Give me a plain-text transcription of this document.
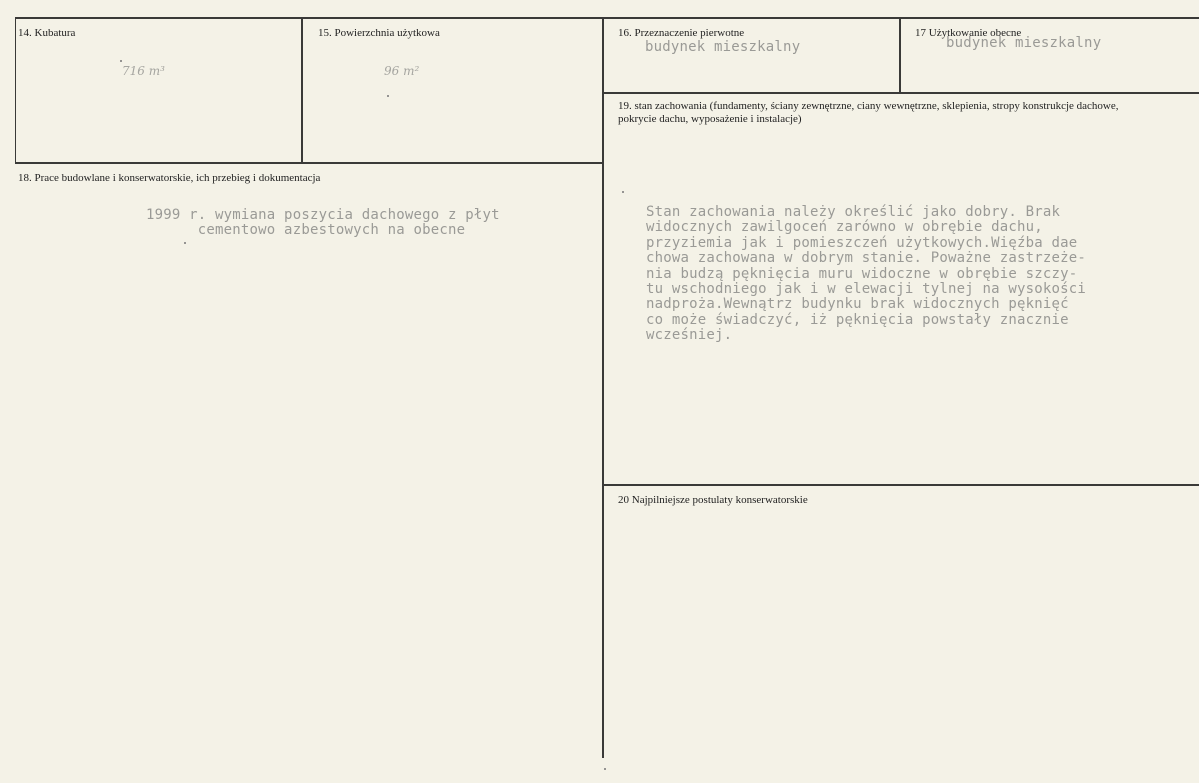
14. Kubatura
716 m³
15. Powierzchnia użytkowa
96 m²
16. Przeznaczenie pierwotne
budynek mieszkalny
17 Użytkowanie obecne
budynek mieszkalny
18. Prace budowlane i konserwatorskie, ich przebieg i dokumentacja
1999 r. wymiana poszycia dachowego z płyt
cementowo azbestowych na obecne
19. stan zachowania (fundamenty, ściany zewnętrzne, ciany wewnętrzne, sklepienia, stropy konstrukcje dachowe, pokrycie dachu, wyposażenie i instalacje)
Stan zachowania należy określić jako dobry. Brak
widocznych zawilgoceń zarówno w obrębie dachu,
przyziemia jak i pomieszczeń użytkowych.Więźba dae
chowa zachowana w dobrym stanie. Poważne zastrzeże-
nia budzą pęknięcia muru widoczne w obrębie szczy-
tu wschodniego jak i w elewacji tylnej na wysokości
nadproża.Wewnątrz budynku brak widocznych pęknięć
co może świadczyć, iż pęknięcia powstały znacznie
wcześniej.
20 Najpilniejsze postulaty konserwatorskie
